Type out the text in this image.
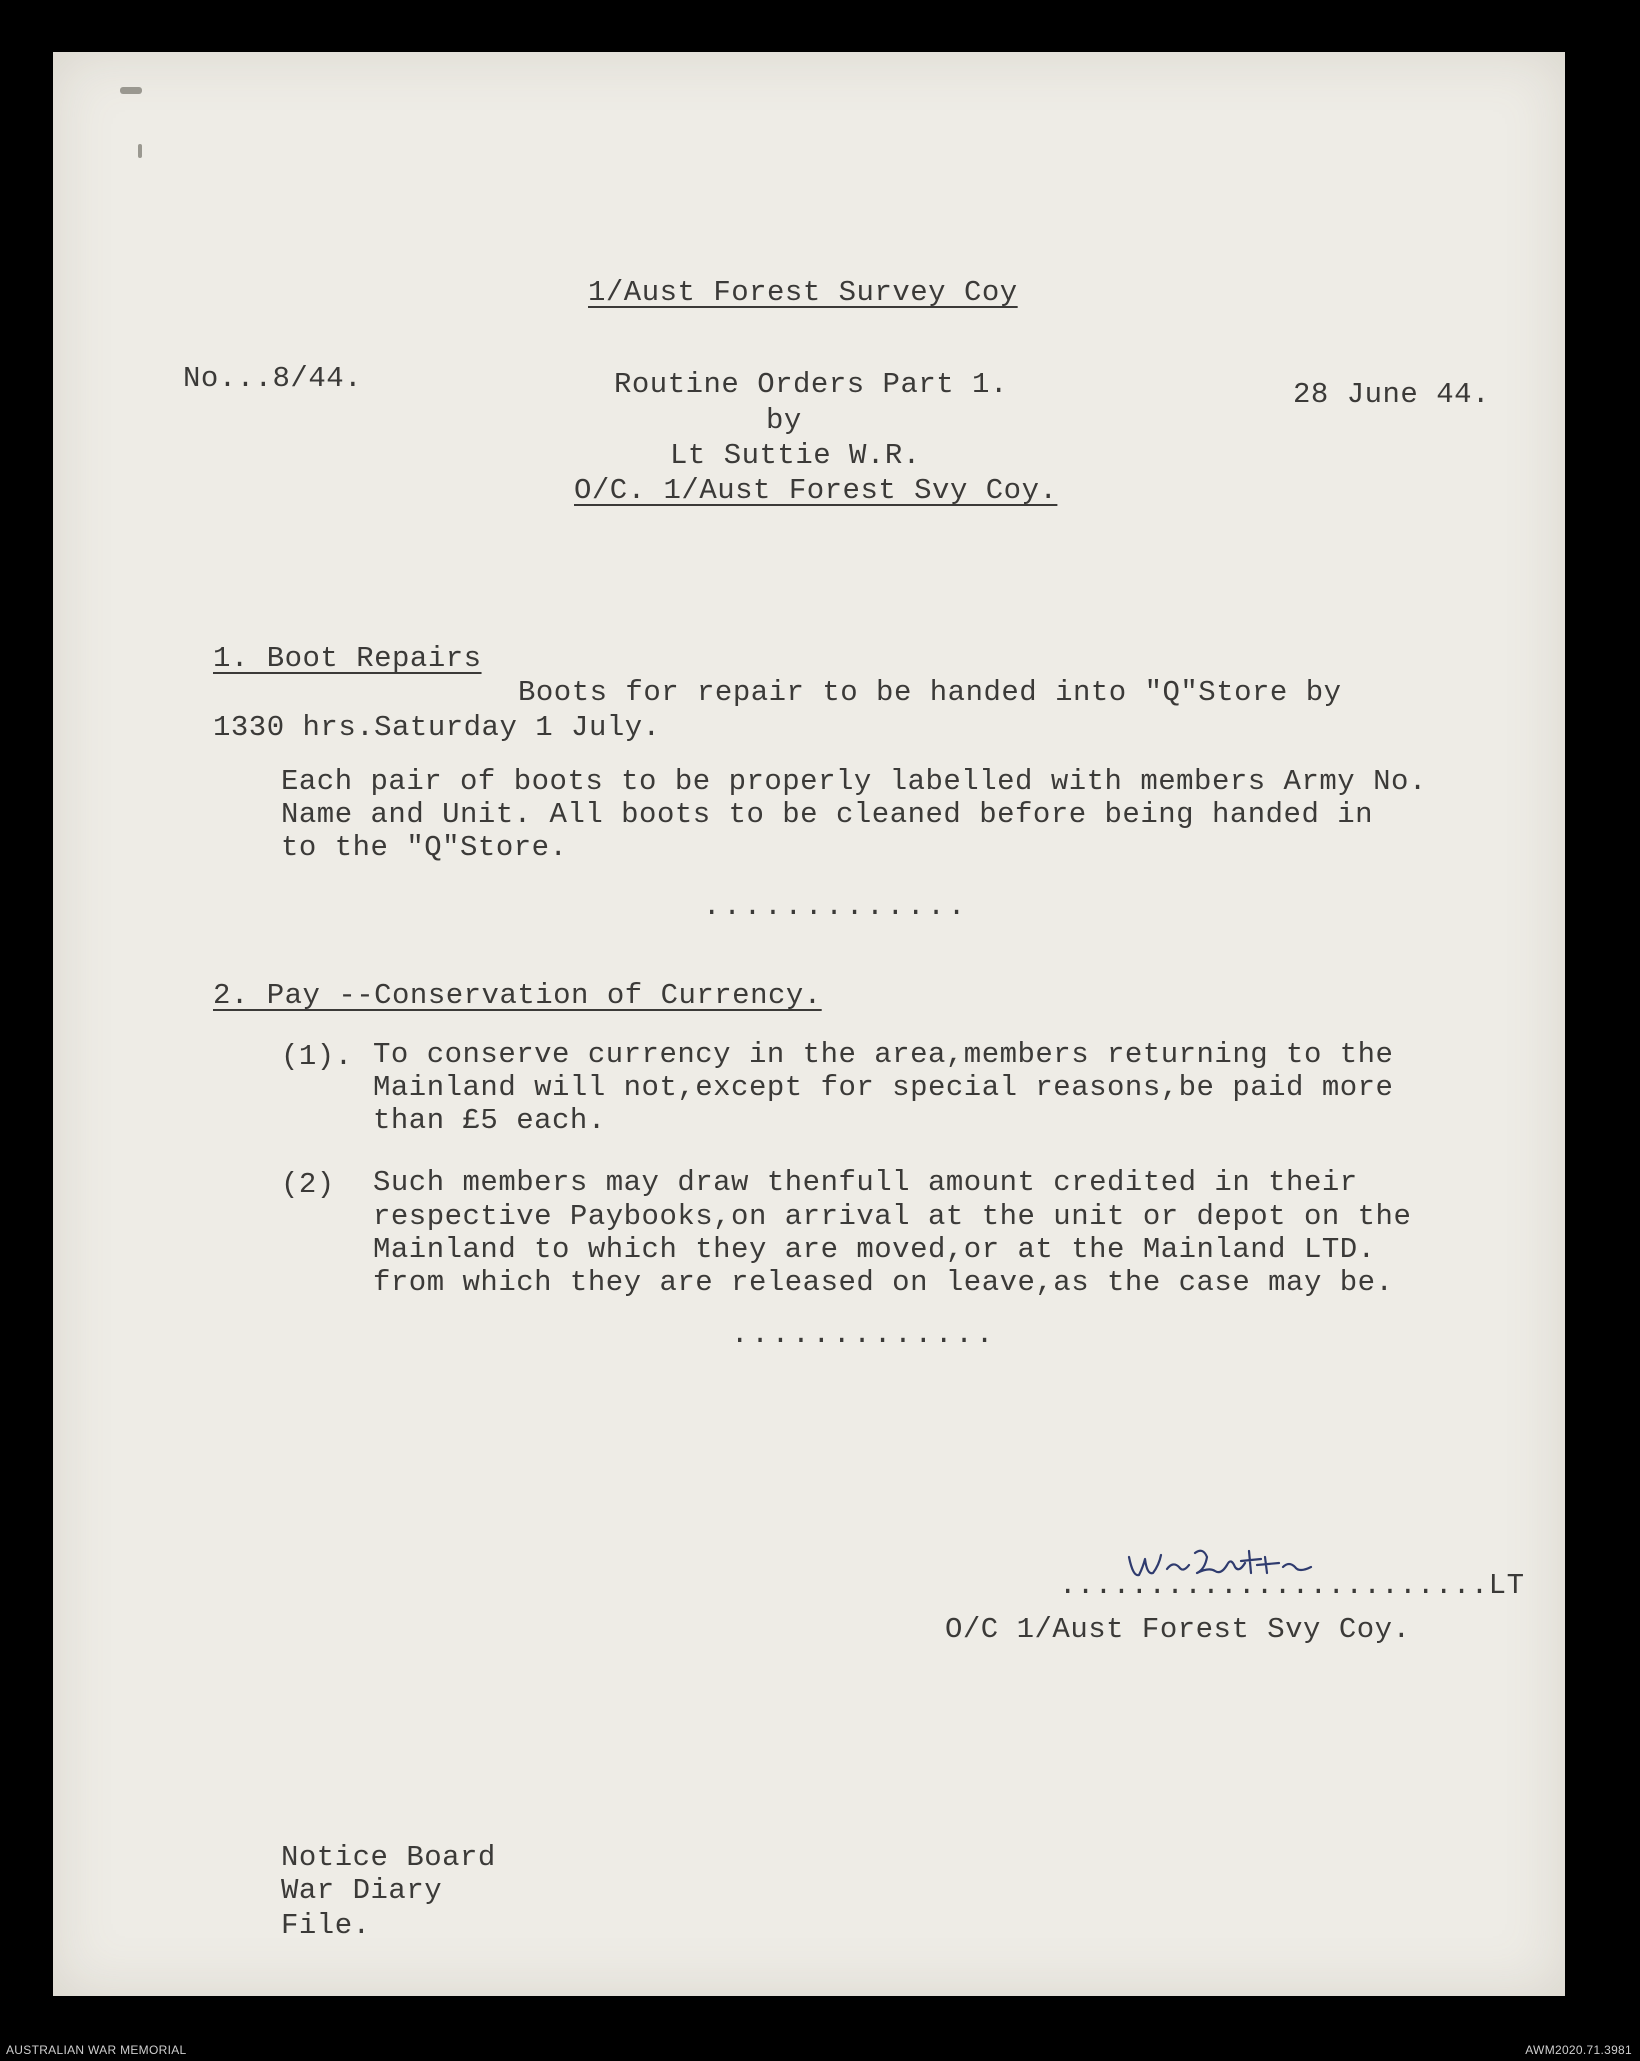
1/Aust Forest Survey Coy
No...8/44.	Routine Orders Part 1.	28 June 44.
by
Lt Suttie W.R.
O/C. 1/Aust Forest Svy Coy.
1. Boot Repairs
Boots for repair to be handed into "Q"Store by
1330 hrs.Saturday 1 July.
Each pair of boots to be properly labelled with members Army No.
Name and Unit. All boots to be cleaned before being handed in
to the "Q"Store.
.............
2. Pay --Conservation of Currency.
(1). To conserve currency in the area,members returning to the
Mainland will not,except for special reasons,be paid more
than £5 each.
(2) Such members may draw thenfull amount credited in their
respective Paybooks,on arrival at the unit or depot on the
Mainland to which they are moved,or at the Mainland LTD.
from which they are released on leave,as the case may be.
.............
........................LT
O/C 1/Aust Forest Svy Coy.
Notice Board
War Diary
File.
AUSTRALIAN WAR MEMORIAL	AWM2020.71.3981
